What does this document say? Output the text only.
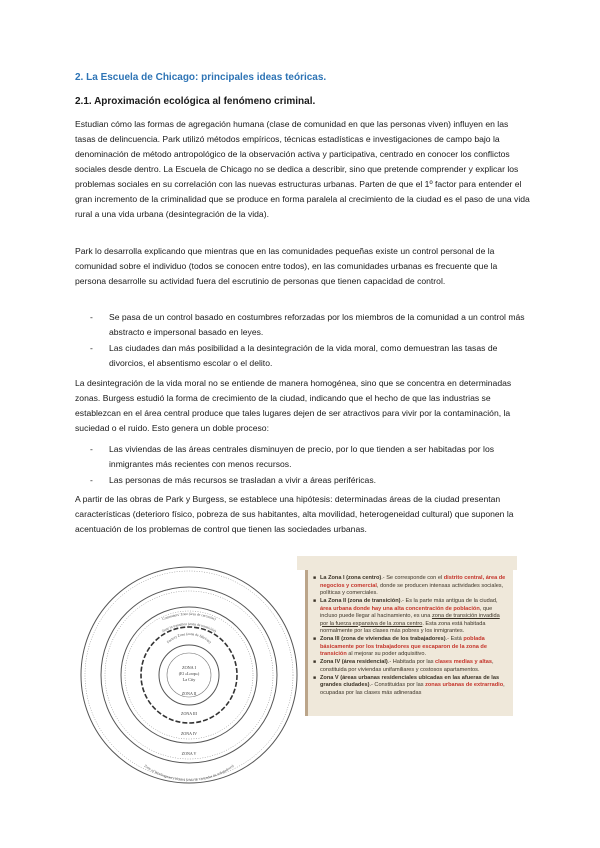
2. La Escuela de Chicago: principales ideas teóricas.
2.1. Aproximación ecológica al fenómeno criminal.

Estudian cómo las formas de agregación humana (clase de comunidad en que las personas viven) influyen en las tasas de delincuencia. Park utilizó métodos empíricos, técnicas estadísticas e investigaciones de campo bajo la denominación de método antropológico de la observación activa y participativa, centrado en conocer los conflictos sociales desde dentro. La Escuela de Chicago no se dedica a describir, sino que pretende comprender y explicar los problemas sociales en su correlación con las nuevas estructuras urbanas. Parten de que el 1º factor para entender el gran incremento de la criminalidad que se produce en forma paralela al crecimiento de la ciudad es el paso de una vida rural a una vida urbana (desintegración de la vida).

Park lo desarrolla explicando que mientras que en las comunidades pequeñas existe un control personal de la comunidad sobre el individuo (todos se conocen entre todos), en las comunidades urbanas es frecuente que la persona desarrolle su actividad fuera del escrutinio de personas que tienen capacidad de control.

- Se pasa de un control basado en costumbres reforzadas por los miembros de la comunidad a un control más abstracto e impersonal basado en leyes.
- Las ciudades dan más posibilidad a la desintegración de la vida moral, como demuestran las tasas de divorcios, el absentismo escolar o el delito.

La desintegración de la vida moral no se entiende de manera homogénea, sino que se concentra en determinadas zonas. Burgess estudió la forma de crecimiento de la ciudad, indicando que el hecho de que las industrias se establezcan en el área central produce que tales lugares dejen de ser atractivos para vivir por la contaminación, la suciedad o el ruido. Esto genera un doble proceso:

- Las viviendas de las áreas centrales disminuyen de precio, por lo que tienden a ser habitadas por los inmigrantes más recientes con menos recursos.
- Las personas de más recursos se trasladan a vivir a áreas periféricas.

A partir de las obras de Park y Burgess, se establece una hipótesis: determinadas áreas de la ciudad presentan características (deterioro físico, pobreza de sus habitantes, alta movilidad, heterogeneidad cultural) que suponen la acentuación de los problemas de control que tienen las sociedades urbanas.

ZONA I
(El «Loop»)
La City
ZONA II
ZONA III
ZONA IV
ZONA V
Factory Zone (zona de fábricas)
Zone in transition (zona de transición)
Zone of Workingmen's Homes (zona de viviendas de trabajadores)
Commuters' Zone (área de cercanías)
■ La Zona I (zona centro).- Se corresponde con el distrito central, área de negocios y comercial, donde se producen intensas actividades sociales, políticas y comerciales.
■ La Zona II (zona de transición).- Es la parte más antigua de la ciudad, área urbana donde hay una alta concentración de población, que incluso puede llegar al hacinamiento, es una zona de transición invadida por la fuerza expansiva de la zona centro. Esta zona está habitada normalmente por las clases más pobres y los inmigrantes.
■ Zona III (zona de viviendas de los trabajadores).- Está poblada básicamente por los trabajadores que escaparon de la zona de transición al mejorar su poder adquisitivo.
■ Zona IV (área residencial).- Habitada por las clases medias y altas, constituida por viviendas unifamiliares y costosos apartamentos.
■ Zona V (áreas urbanas residenciales ubicadas en las afueras de las grandes ciudades).- Constituidas por las zonas urbanas de extrarradio, ocupadas por las clases más adineradas
